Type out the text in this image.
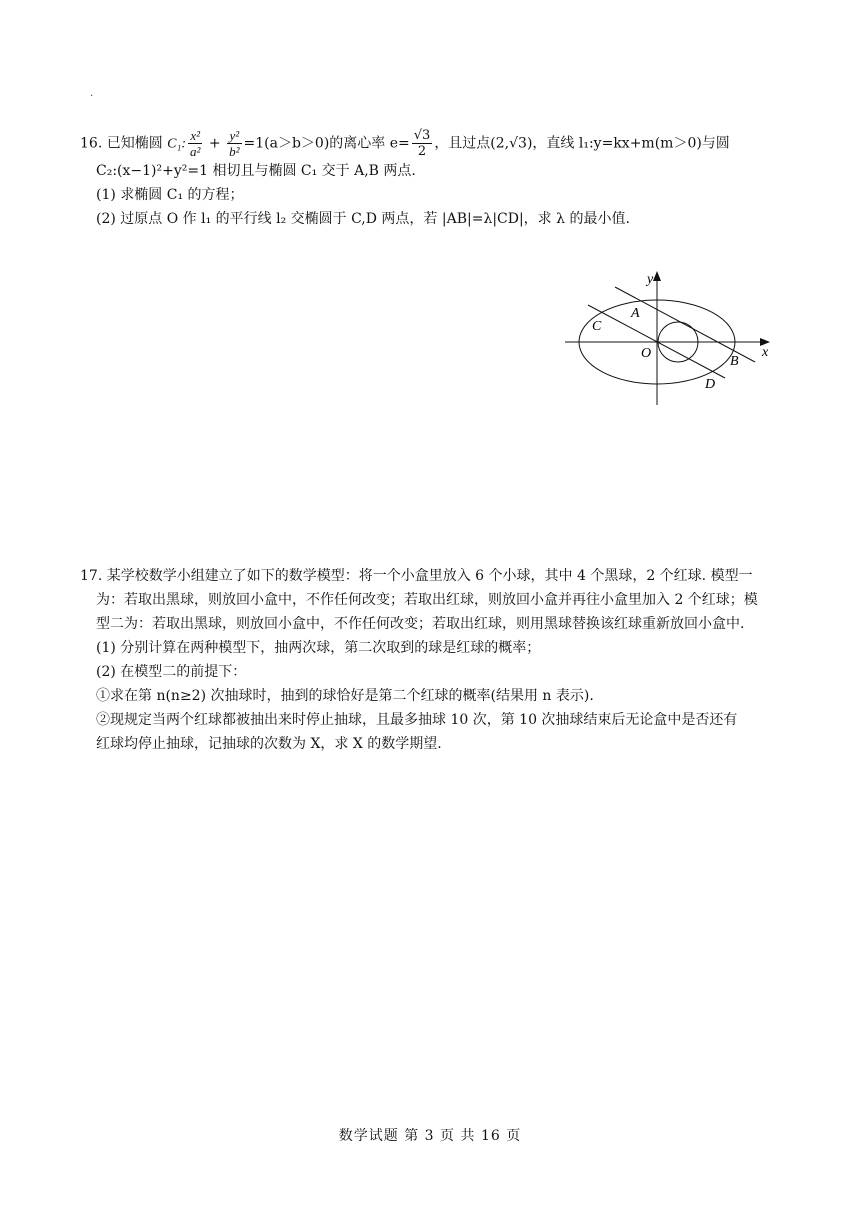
.
16. 已知椭圆 C₁: $\frac{\text{x²}}{\text{a²}} + \frac{\text{y²}}{\text{b²}} =1(a>b>0)$的离心率 $e= \frac{√3}{2}$ ，且过点(2,√3)，直线 l₁:y=kx+m(m＞0)与圆
C₂:(x−1)²+y²=1 相切且与椭圆 C₁ 交于 A,B 两点.
(1) 求椭圆 C₁ 的方程；
(2) 过原点 O 作 l₁ 的平行线 l₂ 交椭圆于 C,D 两点，若 |AB|=λ|CD|，求 λ 的最小值.
y
x
A
B
C
D
O
17. 某学校数学小组建立了如下的数学模型：将一个小盒里放入 6 个小球，其中 4 个黑球，2 个红球. 模型一
为：若取出黑球，则放回小盒中，不作任何改变；若取出红球，则放回小盒并再往小盒里加入 2 个红球；模
型二为：若取出黑球，则放回小盒中，不作任何改变；若取出红球，则用黑球替换该红球重新放回小盒中.
(1) 分别计算在两种模型下，抽两次球，第二次取到的球是红球的概率；
(2) 在模型二的前提下：
①求在第 n(n≥2) 次抽球时，抽到的球恰好是第二个红球的概率(结果用 n 表示).
②现规定当两个红球都被抽出来时停止抽球，且最多抽球 10 次，第 10 次抽球结束后无论盒中是否还有
红球均停止抽球，记抽球的次数为 X，求 X 的数学期望.
数学试题 第 3 页 共 16 页
